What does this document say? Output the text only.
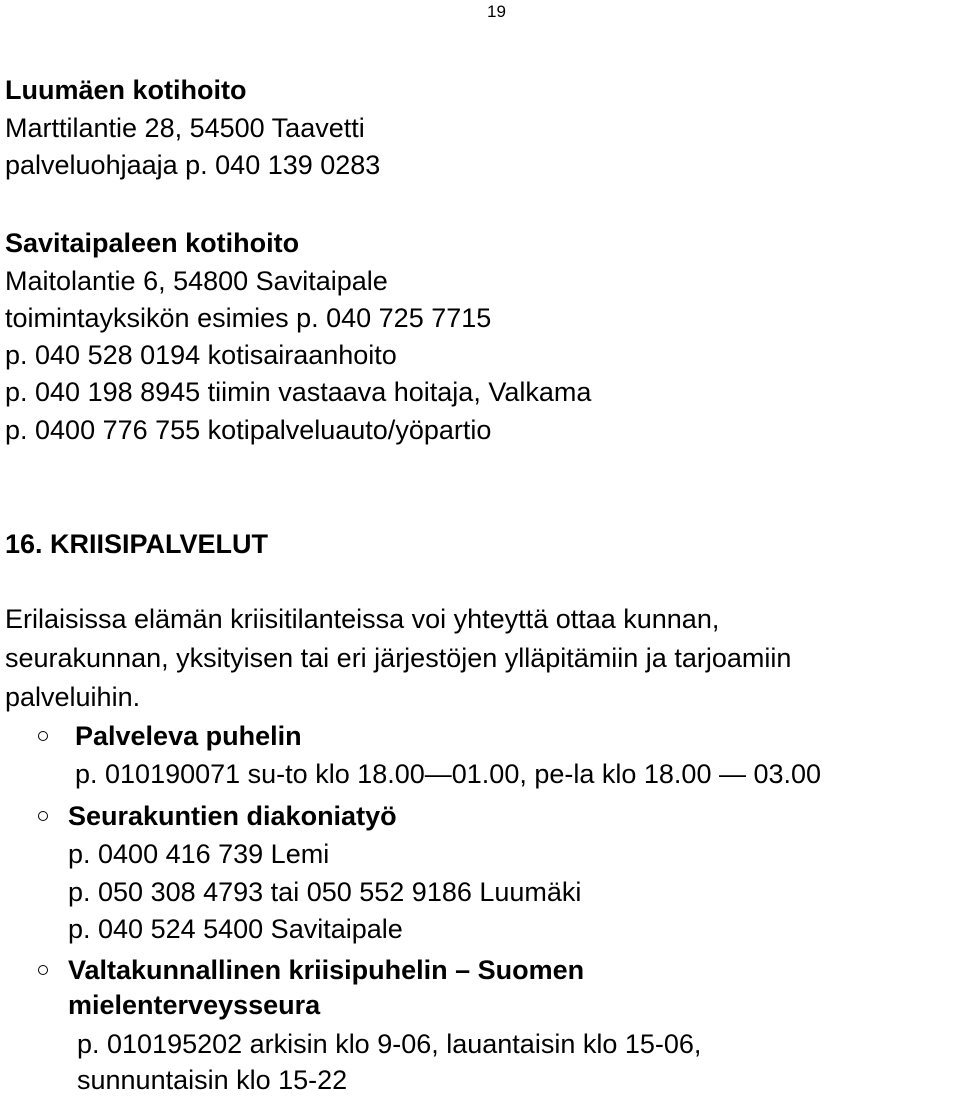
19
Luumäen kotihoito
Marttilantie 28, 54500 Taavetti
palveluohjaaja p. 040 139 0283
Savitaipaleen kotihoito
Maitolantie 6, 54800 Savitaipale
toimintayksikön esimies p. 040 725 7715
p. 040 528 0194 kotisairaanhoito
p. 040 198 8945 tiimin vastaava hoitaja, Valkama
p. 0400 776 755 kotipalveluauto/yöpartio
16. KRIISIPALVELUT
Erilaisissa elämän kriisitilanteissa voi yhteyttä ottaa kunnan,
seurakunnan, yksityisen tai eri järjestöjen ylläpitämiin ja tarjoamiin
palveluihin.
Palveleva puhelin
p. 010190071 su-to klo 18.00—01.00, pe-la klo 18.00 — 03.00
Seurakuntien diakoniatyö
p. 0400 416 739 Lemi
p. 050 308 4793 tai 050 552 9186 Luumäki
p. 040 524 5400 Savitaipale
Valtakunnallinen kriisipuhelin – Suomen
mielenterveysseura
p. 010195202 arkisin klo 9-06, lauantaisin klo 15-06,
sunnuntaisin klo 15-22
